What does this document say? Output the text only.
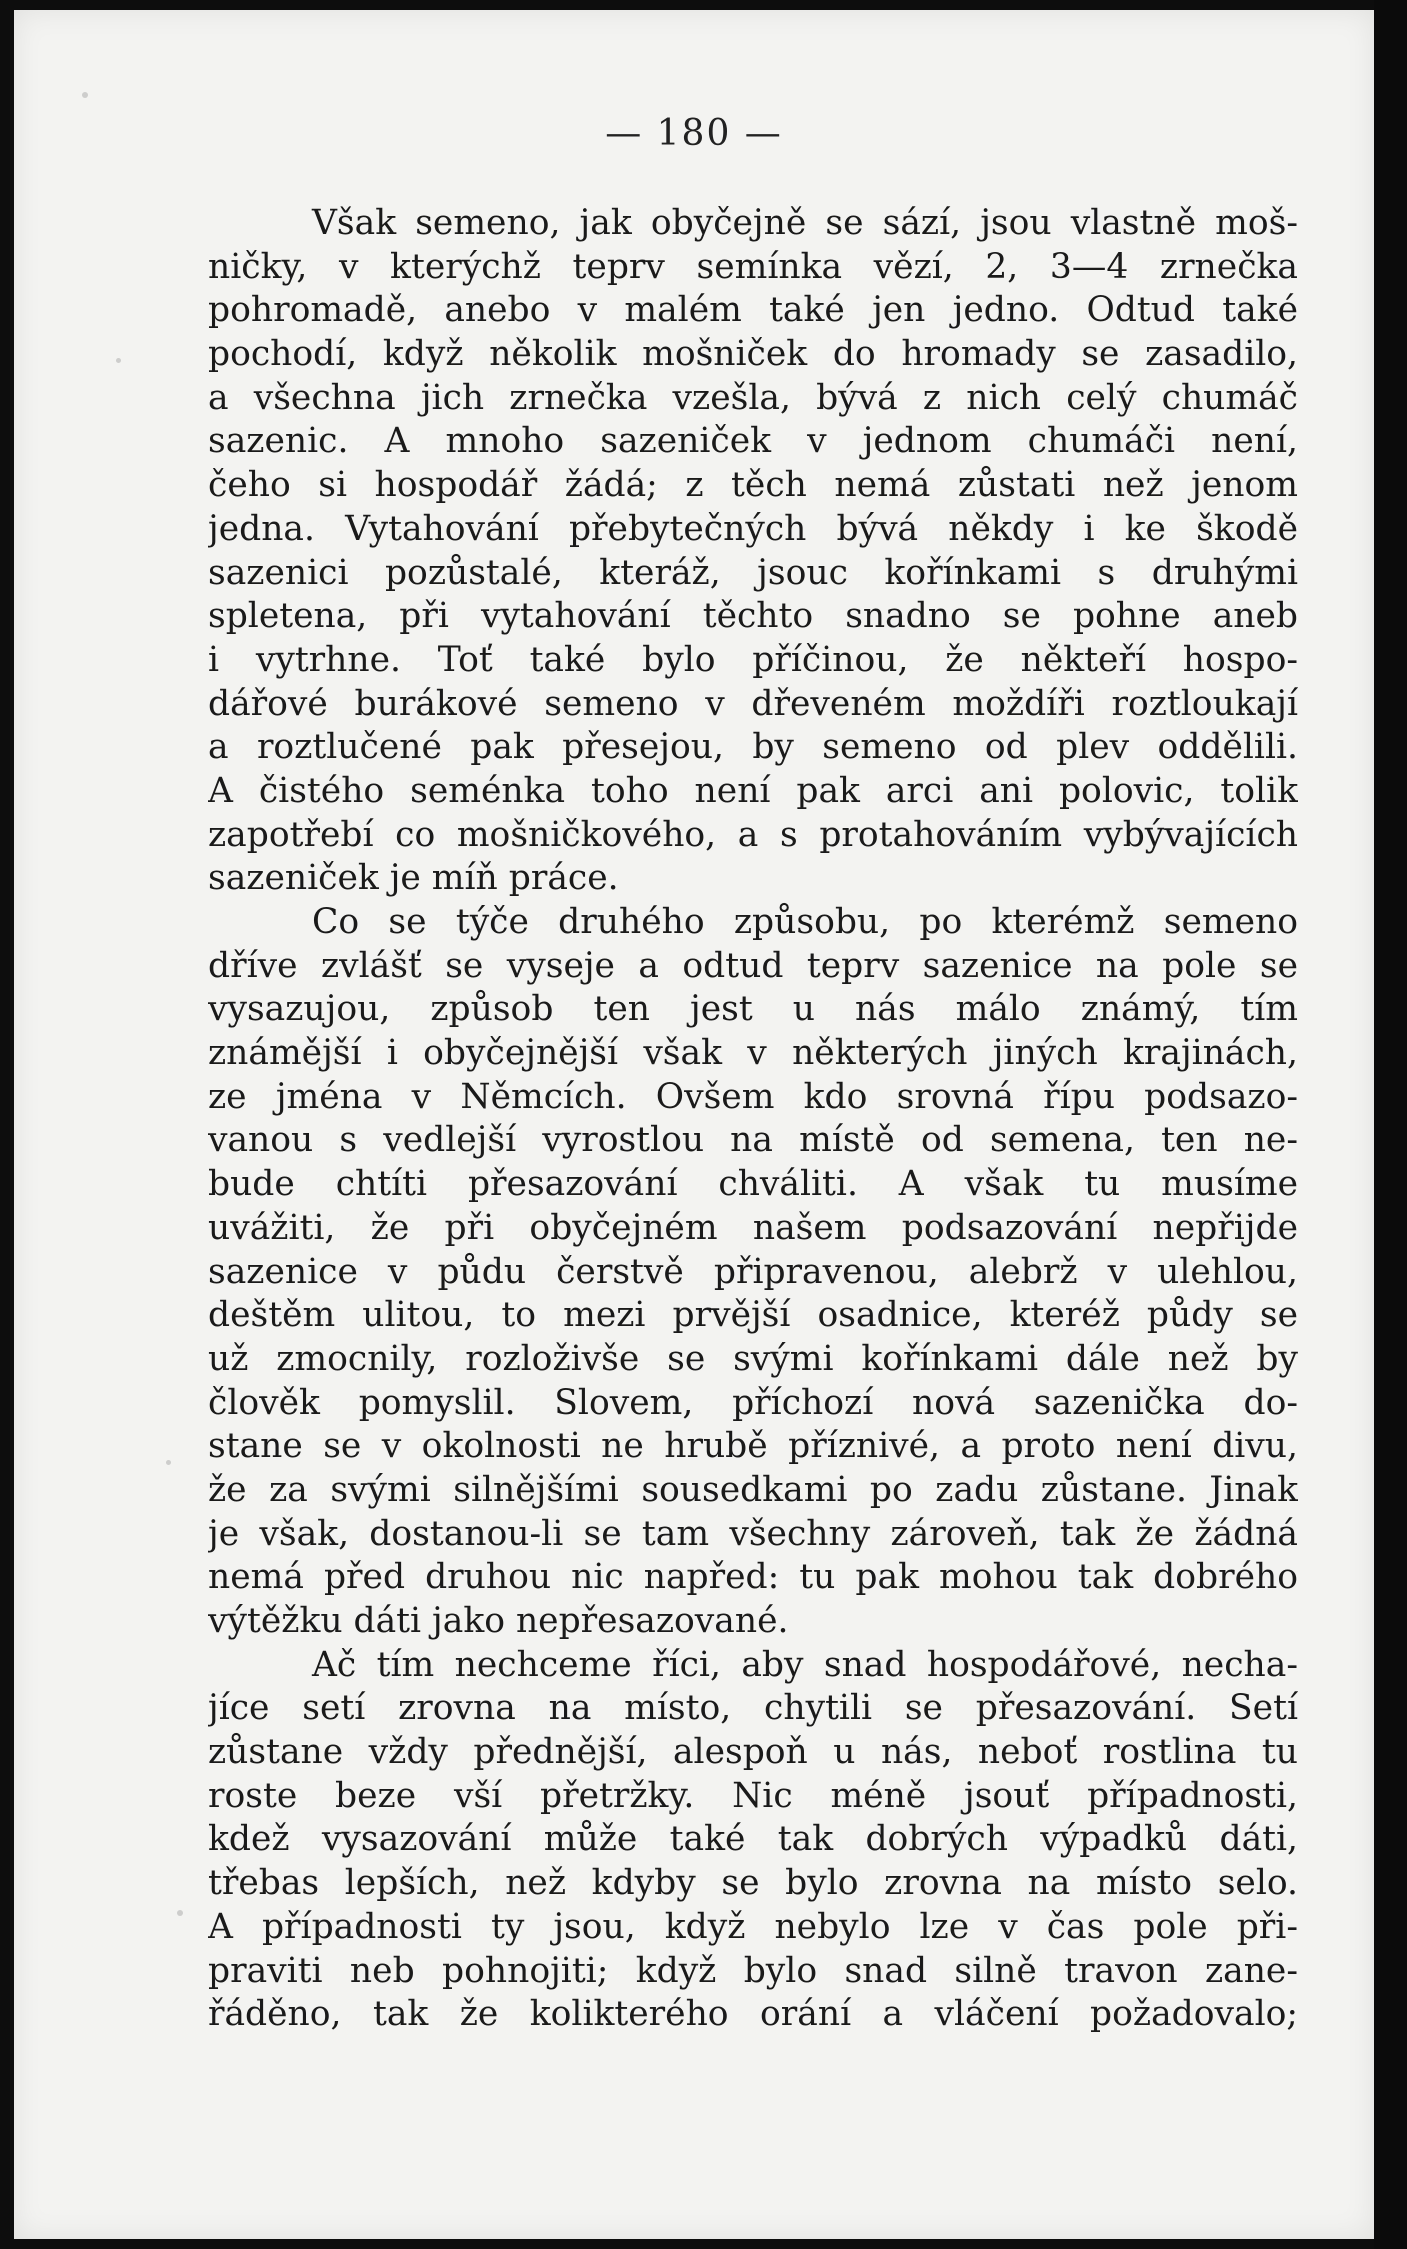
— 180 —
Však semeno, jak obyčejně se sází, jsou vlastně moš-
ničky, v kterýchž teprv semínka vězí, 2, 3—4 zrnečka
pohromadě, anebo v malém také jen jedno. Odtud také
pochodí, když několik mošniček do hromady se zasadilo,
a všechna jich zrnečka vzešla, bývá z nich celý chumáč
sazenic. A mnoho sazeniček v jednom chumáči není,
čeho si hospodář žádá; z těch nemá zůstati než jenom
jedna. Vytahování přebytečných bývá někdy i ke škodě
sazenici pozůstalé, kteráž, jsouc kořínkami s druhými
spletena, při vytahování těchto snadno se pohne aneb
i vytrhne. Toť také bylo příčinou, že někteří hospo-
dářové burákové semeno v dřeveném moždíři roztloukají
a roztlučené pak přesejou, by semeno od plev oddělili.
A čistého seménka toho není pak arci ani polovic, tolik
zapotřebí co mošničkového, a s protahováním vybývajících
sazeniček je míň práce.
Co se týče druhého způsobu, po kterémž semeno
dříve zvlášť se vyseje a odtud teprv sazenice na pole se
vysazujou, způsob ten jest u nás málo známý, tím
známější i obyčejnější však v některých jiných krajinách,
ze jména v Němcích. Ovšem kdo srovná řípu podsazo-
vanou s vedlejší vyrostlou na místě od semena, ten ne-
bude chtíti přesazování chváliti. A však tu musíme
uvážiti, že při obyčejném našem podsazování nepřijde
sazenice v půdu čerstvě připravenou, alebrž v ulehlou,
deštěm ulitou, to mezi prvější osadnice, kteréž půdy se
už zmocnily, rozloživše se svými kořínkami dále než by
člověk pomyslil. Slovem, příchozí nová sazenička do-
stane se v okolnosti ne hrubě příznivé, a proto není divu,
že za svými silnějšími sousedkami po zadu zůstane. Jinak
je však, dostanou-li se tam všechny zároveň, tak že žádná
nemá před druhou nic napřed: tu pak mohou tak dobrého
výtěžku dáti jako nepřesazované.
Ač tím nechceme říci, aby snad hospodářové, necha-
jíce setí zrovna na místo, chytili se přesazování. Setí
zůstane vždy přednější, alespoň u nás, neboť rostlina tu
roste beze vší přetržky. Nic méně jsouť případnosti,
kdež vysazování může také tak dobrých výpadků dáti,
třebas lepších, než kdyby se bylo zrovna na místo selo.
A případnosti ty jsou, když nebylo lze v čas pole při-
praviti neb pohnojiti; když bylo snad silně travon zane-
řáděno, tak že kolikterého orání a vláčení požadovalo;
